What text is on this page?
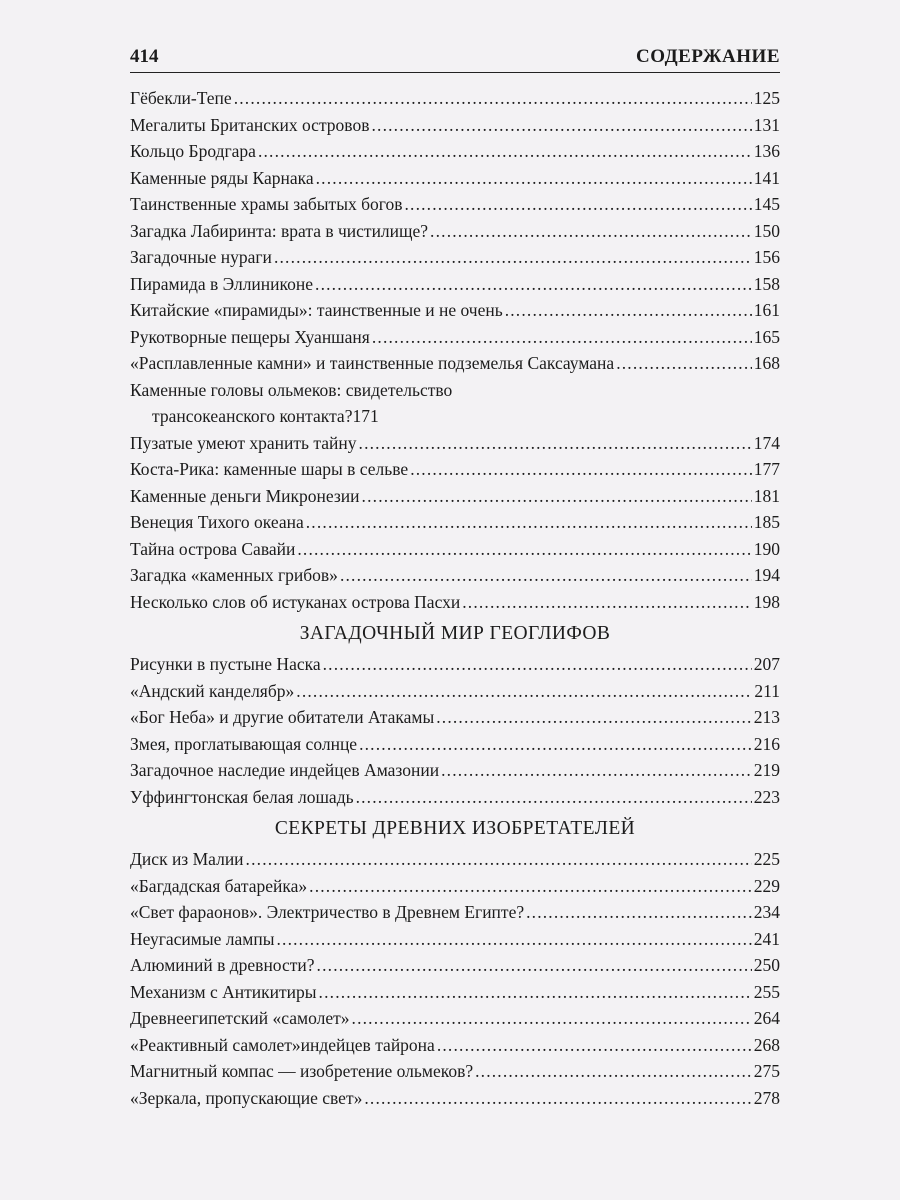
414	СОДЕРЖАНИЕ
Гёбекли-Тепе . . .	125
Мегалиты Британских островов . . .	131
Кольцо Бродгара . . .	136
Каменные ряды Карнака . . .	141
Таинственные храмы забытых богов . . .	145
Загадка Лабиринта: врата в чистилище? . . .	150
Загадочные нураги . . .	156
Пирамида в Эллиниконе . . .	158
Китайские «пирамиды»: таинственные и не очень . . .	161
Рукотворные пещеры Хуаншаня . . .	165
«Расплавленные камни» и таинственные подземелья Саксаумана . . .	168
Каменные головы ольмеков: свидетельство
трансокеанского контакта? 171
Пузатые умеют хранить тайну . . .	174
Коста-Рика: каменные шары в сельве . . .	177
Каменные деньги Микронезии . . .	181
Венеция Тихого океана . . .	185
Тайна острова Савайи . . .	190
Загадка «каменных грибов» . . .	194
Несколько слов об истуканах острова Пасхи . . .	198
ЗАГАДОЧНЫЙ МИР ГЕОГЛИФОВ
Рисунки в пустыне Наска . . .	207
«Андский канделябр» . . .	211
«Бог Неба» и другие обитатели Атакамы . . .	213
Змея, проглатывающая солнце . . .	216
Загадочное наследие индейцев Амазонии . . .	219
Уффингтонская белая лошадь . . .	223
СЕКРЕТЫ ДРЕВНИХ ИЗОБРЕТАТЕЛЕЙ
Диск из Малии . . .	225
«Багдадская батарейка» . . .	229
«Свет фараонов». Электричество в Древнем Египте? . . .	234
Неугасимые лампы . . .	241
Алюминий в древности? . . .	250
Механизм с Антикитиры . . .	255
Древнеегипетский «самолет» . . .	264
«Реактивный самолет»индейцев тайрона . . .	268
Магнитный компас — изобретение ольмеков? . . .	275
«Зеркала, пропускающие свет» . . .	278
